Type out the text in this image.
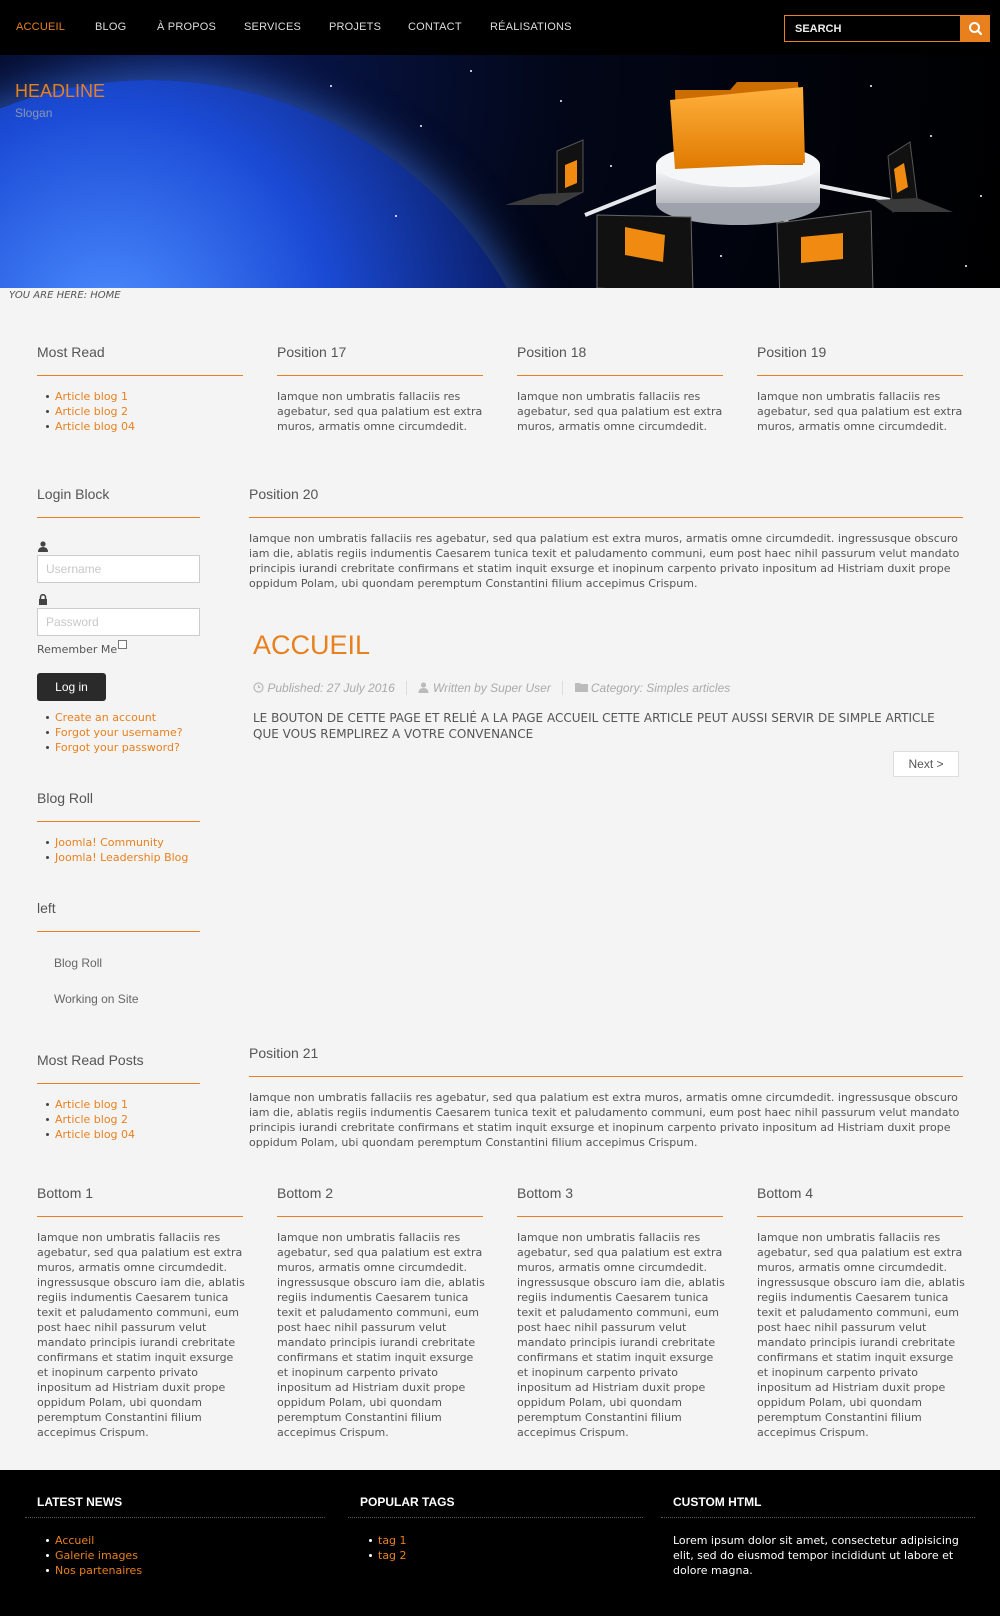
ACCUEIL	BLOG	À PROPOS	SERVICES	PROJETS CONTACT	RÉALISATIONS
SEARCH
HEADLINE
Slogan
YOU ARE HERE: HOME
Most Read
Article blog 1
Article blog 2
Article blog 04
Position 17
Iamque non umbratis fallaciis res agebatur, sed qua palatium est extra muros, armatis omne circumdedit.
Position 18
Iamque non umbratis fallaciis res agebatur, sed qua palatium est extra muros, armatis omne circumdedit.
Position 19
Iamque non umbratis fallaciis res agebatur, sed qua palatium est extra muros, armatis omne circumdedit.
Login Block
Username
Remember Me
Log in
Create an account
Forgot your username?
Forgot your password?
Blog Roll
Joomla! Community
Joomla! Leadership Blog
left
Blog Roll
Working on Site
Most Read Posts
Article blog 1
Article blog 2
Article blog 04
Position 20
Iamque non umbratis fallaciis res agebatur, sed qua palatium est extra muros, armatis omne circumdedit. ingressusque obscuro iam die, ablatis regiis indumentis Caesarem tunica texit et paludamento communi, eum post haec nihil passurum velut mandato principis iurandi crebritate confirmans et statim inquit exsurge et inopinum carpento privato inpositum ad Histriam duxit prope oppidum Polam, ubi quondam peremptum Constantini filium accepimus Crispum.
ACCUEIL
Published: 27 July 2016	Written by Super User	Category: Simples articles
LE BOUTON DE CETTE PAGE ET RELIÉ A LA PAGE ACCUEIL CETTE ARTICLE PEUT AUSSI SERVIR DE SIMPLE ARTICLE QUE VOUS REMPLIREZ A VOTRE CONVENANCE
Next >
Position 21
Iamque non umbratis fallaciis res agebatur, sed qua palatium est extra muros, armatis omne circumdedit. ingressusque obscuro iam die, ablatis regiis indumentis Caesarem tunica texit et paludamento communi, eum post haec nihil passurum velut mandato principis iurandi crebritate confirmans et statim inquit exsurge et inopinum carpento privato inpositum ad Histriam duxit prope oppidum Polam, ubi quondam peremptum Constantini filium accepimus Crispum.
Bottom 1
Iamque non umbratis fallaciis res agebatur, sed qua palatium est extra muros, armatis omne circumdedit. ingressusque obscuro iam die, ablatis regiis indumentis Caesarem tunica texit et paludamento communi, eum post haec nihil passurum velut mandato principis iurandi crebritate confirmans et statim inquit exsurge et inopinum carpento privato inpositum ad Histriam duxit prope oppidum Polam, ubi quondam peremptum Constantini filium accepimus Crispum.
Bottom 2
Iamque non umbratis fallaciis res agebatur, sed qua palatium est extra muros, armatis omne circumdedit. ingressusque obscuro iam die, ablatis regiis indumentis Caesarem tunica texit et paludamento communi, eum post haec nihil passurum velut mandato principis iurandi crebritate confirmans et statim inquit exsurge et inopinum carpento privato inpositum ad Histriam duxit prope oppidum Polam, ubi quondam peremptum Constantini filium accepimus Crispum.
Bottom 3
Iamque non umbratis fallaciis res agebatur, sed qua palatium est extra muros, armatis omne circumdedit. ingressusque obscuro iam die, ablatis regiis indumentis Caesarem tunica texit et paludamento communi, eum post haec nihil passurum velut mandato principis iurandi crebritate confirmans et statim inquit exsurge et inopinum carpento privato inpositum ad Histriam duxit prope oppidum Polam, ubi quondam peremptum Constantini filium accepimus Crispum.
Bottom 4
Iamque non umbratis fallaciis res agebatur, sed qua palatium est extra muros, armatis omne circumdedit. ingressusque obscuro iam die, ablatis regiis indumentis Caesarem tunica texit et paludamento communi, eum post haec nihil passurum velut mandato principis iurandi crebritate confirmans et statim inquit exsurge et inopinum carpento privato inpositum ad Histriam duxit prope oppidum Polam, ubi quondam peremptum Constantini filium accepimus Crispum.
LATEST NEWS
Accueil
Galerie images
Nos partenaires
POPULAR TAGS
tag 1
tag 2
CUSTOM HTML
Lorem ipsum dolor sit amet, consectetur adipisicing elit, sed do eiusmod tempor incididunt ut labore et dolore magna.
